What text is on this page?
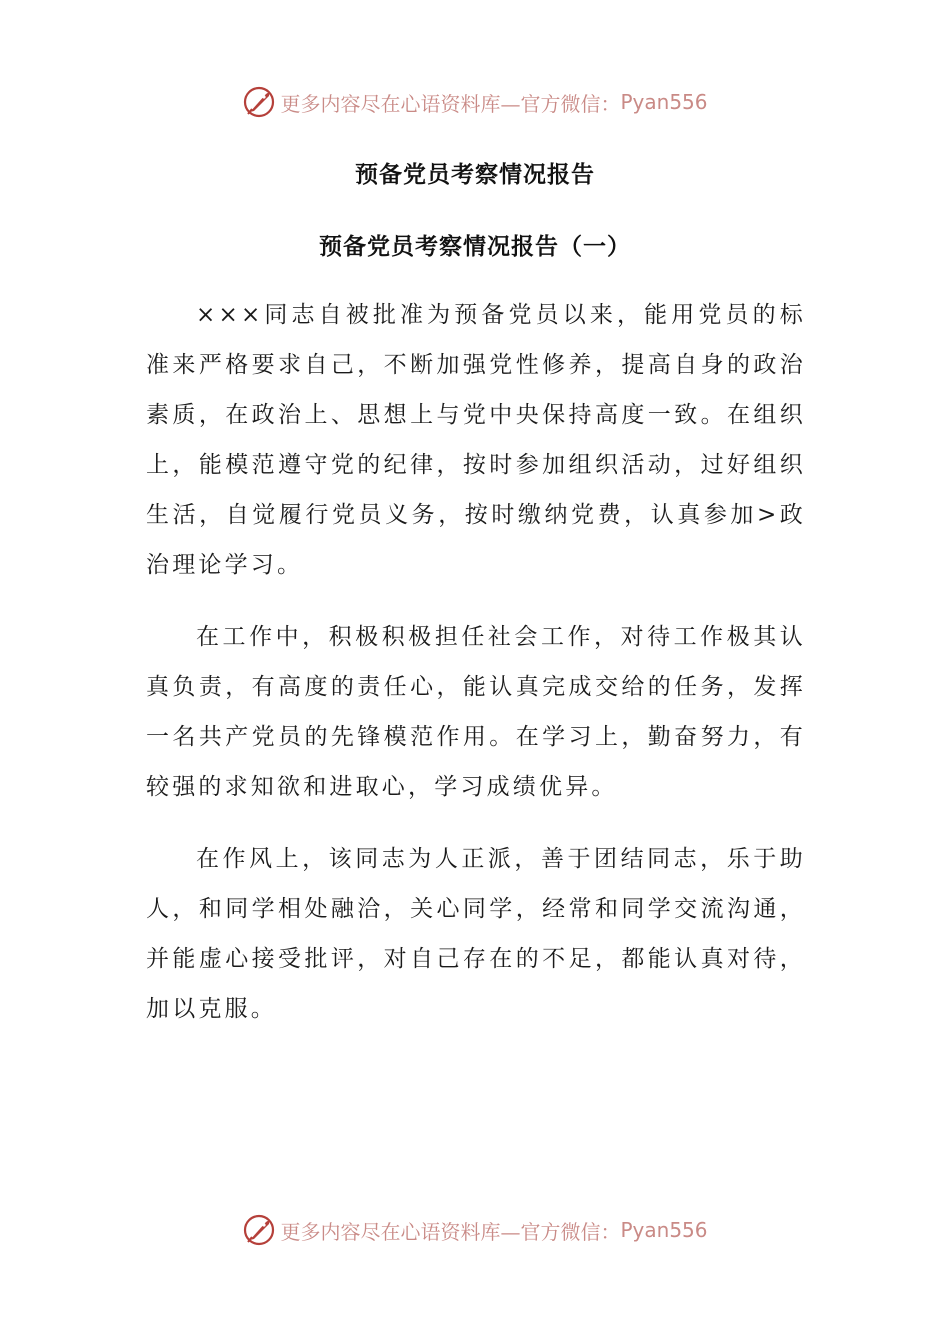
更多内容尽在心语资料库—官方微信： Pyan556
预备党员考察情况报告
预备党员考察情况报告（一）

×××同志自被批准为预备党员以来，能用党员的标准来严格要求自己，不断加强党性修养，提高自身的政治素质，在政治上、思想上与党中央保持高度一致。在组织上，能模范遵守党的纪律，按时参加组织活动，过好组织生活，自觉履行党员义务，按时缴纳党费，认真参加>政治理论学习。

在工作中，积极积极担任社会工作，对待工作极其认真负责，有高度的责任心，能认真完成交给的任务，发挥一名共产党员的先锋模范作用。在学习上，勤奋努力，有较强的求知欲和进取心，学习成绩优异。

在作风上，该同志为人正派，善于团结同志，乐于助人，和同学相处融洽，关心同学，经常和同学交流沟通，并能虚心接受批评，对自己存在的不足，都能认真对待，加以克服。

更多内容尽在心语资料库—官方微信： Pyan556
